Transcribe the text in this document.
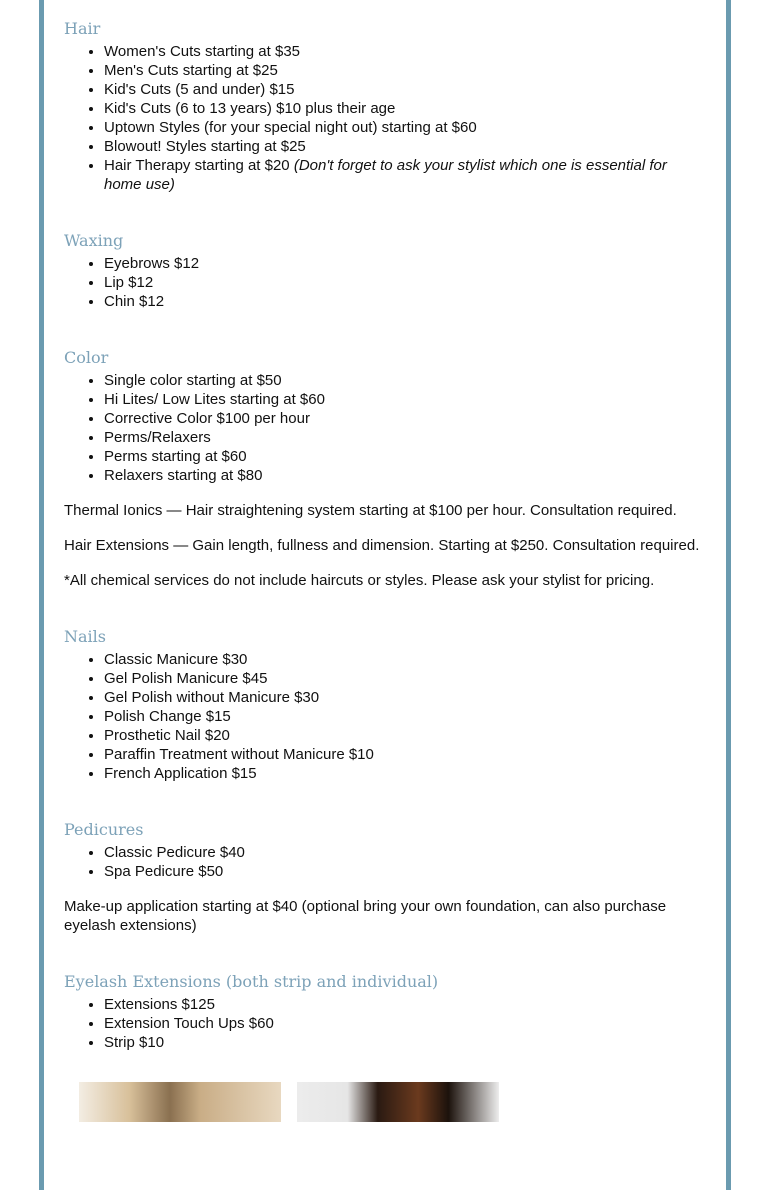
Hair
• Women's Cuts starting at $35
• Men's Cuts starting at $25
• Kid's Cuts (5 and under) $15
• Kid's Cuts (6 to 13 years) $10 plus their age
• Uptown Styles (for your special night out) starting at $60
• Blowout! Styles starting at $25
• Hair Therapy starting at $20 (Don't forget to ask your stylist which one is essential for home use)
Waxing
• Eyebrows $12
• Lip $12
• Chin $12
Color
• Single color starting at $50
• Hi Lites/ Low Lites starting at $60
• Corrective Color $100 per hour
• Perms/Relaxers
• Perms starting at $60
• Relaxers starting at $80

Thermal Ionics — Hair straightening system starting at $100 per hour. Consultation required.

Hair Extensions — Gain length, fullness and dimension. Starting at $250. Consultation required.

*All chemical services do not include haircuts or styles. Please ask your stylist for pricing.

Nails
• Classic Manicure $30
• Gel Polish Manicure $45
• Gel Polish without Manicure $30
• Polish Change $15
• Prosthetic Nail $20
• Paraffin Treatment without Manicure $10
• French Application $15
Pedicures
• Classic Pedicure $40
• Spa Pedicure $50

Make-up application starting at $40 (optional bring your own foundation, can also purchase eyelash extensions)

Eyelash Extensions (both strip and individual)
• Extensions $125
• Extension Touch Ups $60
• Strip $10
